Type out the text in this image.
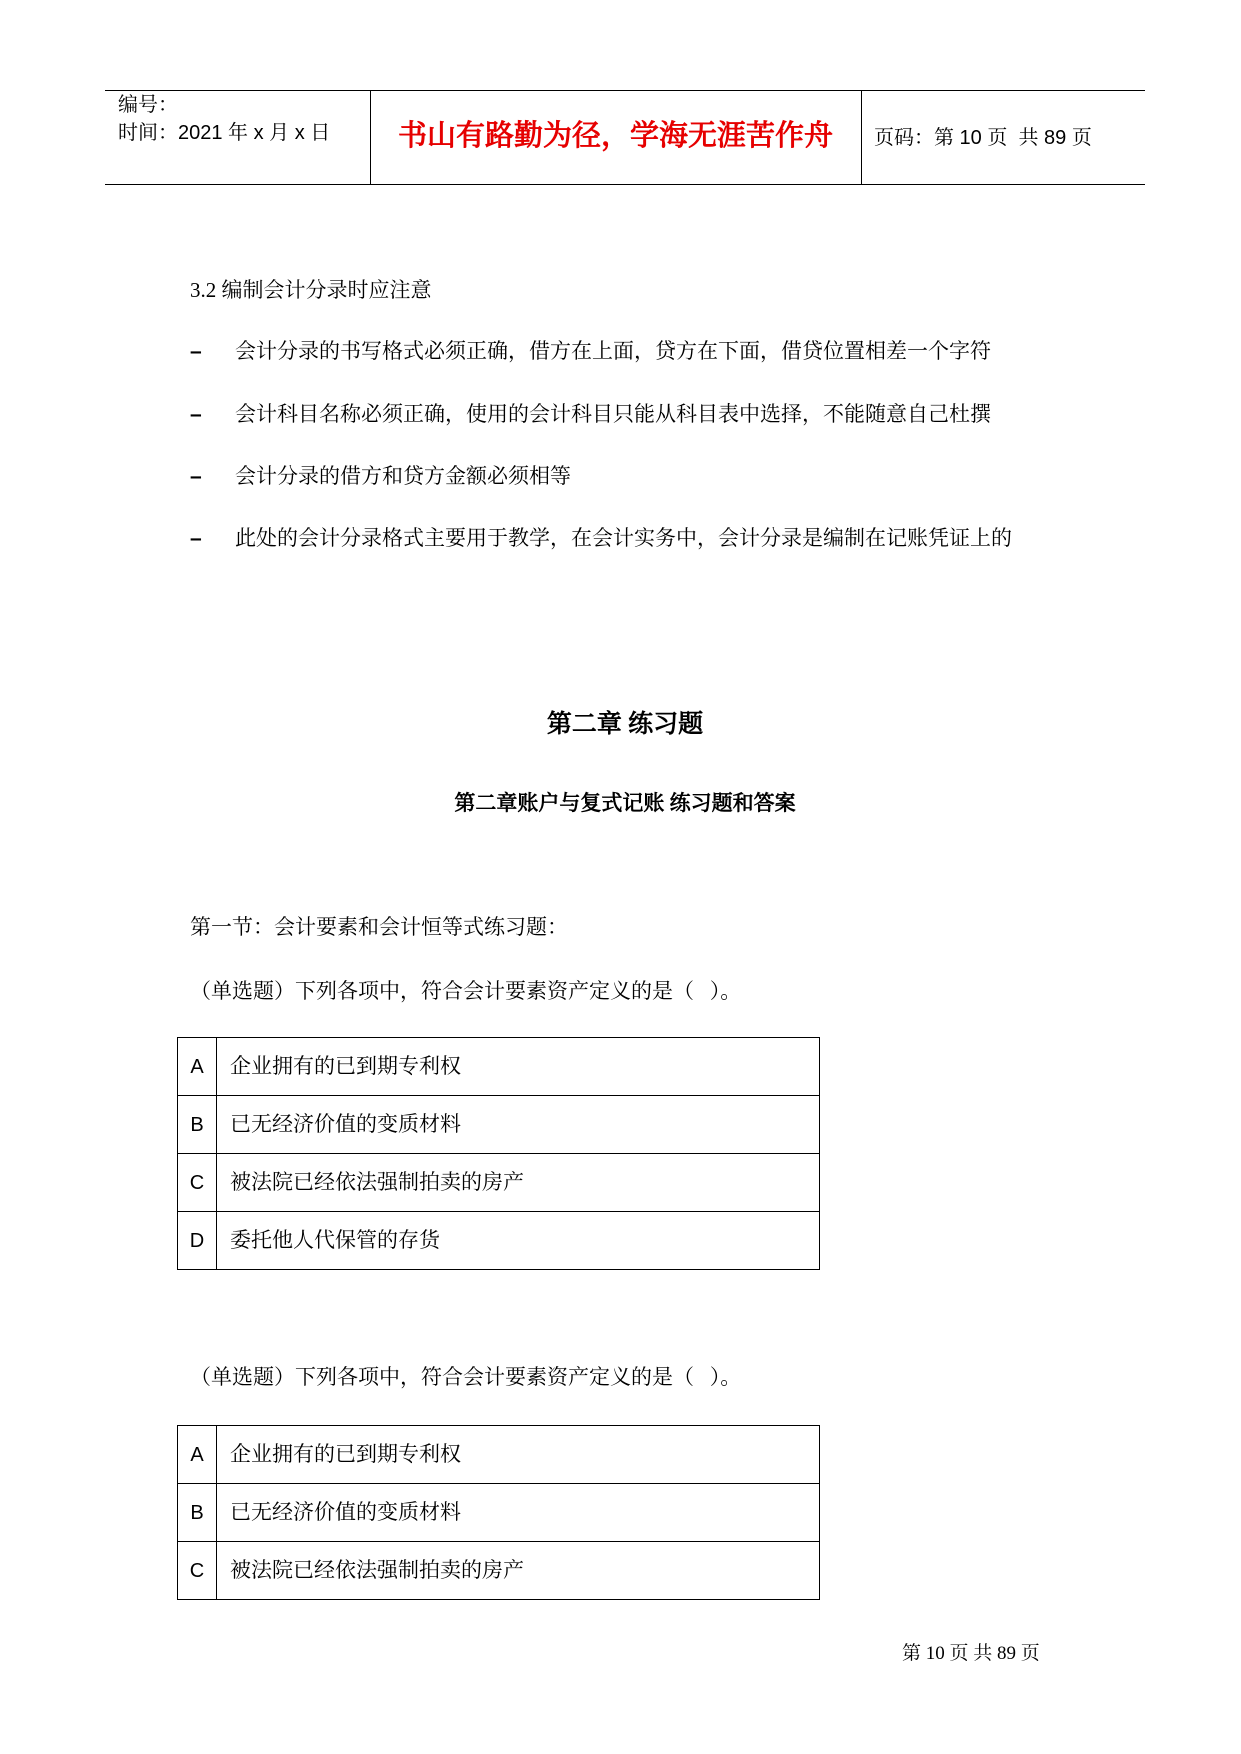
编号：
时间：2021 年 x 月 x 日	书山有路勤为径，学海无涯苦作舟	页码：第 10 页  共 89 页
3.2 编制会计分录时应注意
– 会计分录的书写格式必须正确，借方在上面，贷方在下面，借贷位置相差一个字符
– 会计科目名称必须正确，使用的会计科目只能从科目表中选择，不能随意自己杜撰
– 会计分录的借方和贷方金额必须相等
– 此处的会计分录格式主要用于教学，在会计实务中，会计分录是编制在记账凭证上的
第二章 练习题
第二章账户与复式记账 练习题和答案
第一节：会计要素和会计恒等式练习题：
（单选题）下列各项中，符合会计要素资产定义的是（   ）。
A	企业拥有的已到期专利权
B	已无经济价值的变质材料
C	被法院已经依法强制拍卖的房产
D	委托他人代保管的存货
（单选题）下列各项中，符合会计要素资产定义的是（   ）。
A	企业拥有的已到期专利权
B	已无经济价值的变质材料
C	被法院已经依法强制拍卖的房产
第 10 页 共 89 页
